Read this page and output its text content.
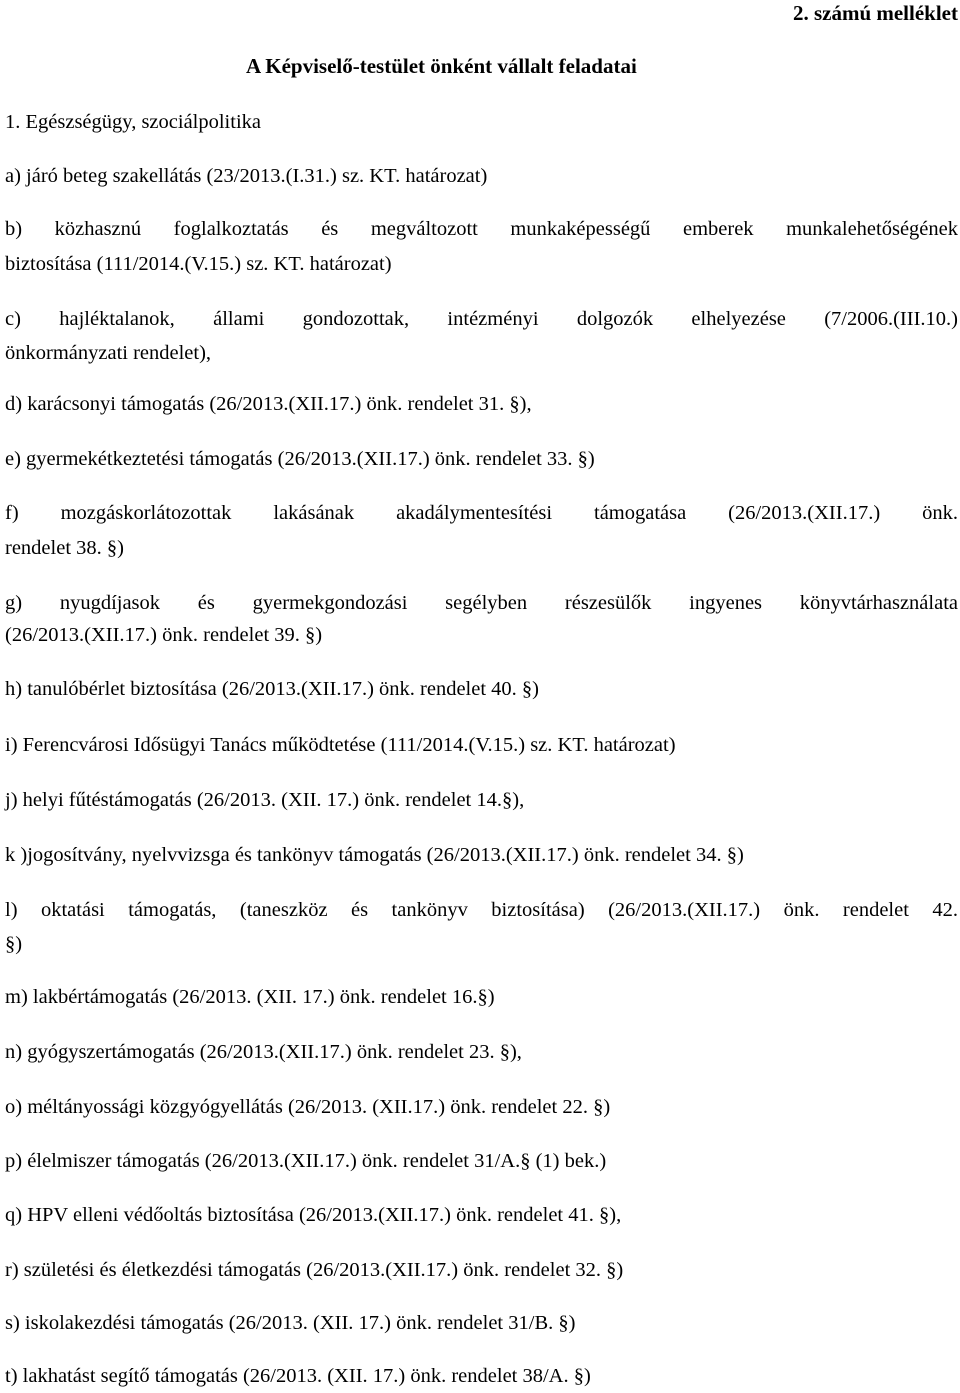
2. számú melléklet
A Képviselő-testület önként vállalt feladatai
1. Egészségügy, szociálpolitika
a) járó beteg szakellátás (23/2013.(I.31.) sz. KT. határozat)
b) közhasznú foglalkoztatás és megváltozott munkaképességű emberek munkalehetőségének
biztosítása (111/2014.(V.15.) sz. KT. határozat)
c) hajléktalanok, állami gondozottak, intézményi dolgozók elhelyezése (7/2006.(III.10.)
önkormányzati rendelet),
d) karácsonyi támogatás (26/2013.(XII.17.) önk. rendelet 31. §),
e) gyermekétkeztetési támogatás (26/2013.(XII.17.) önk. rendelet 33. §)
f) mozgáskorlátozottak lakásának akadálymentesítési támogatása (26/2013.(XII.17.) önk.
rendelet 38. §)
g) nyugdíjasok és gyermekgondozási segélyben részesülők ingyenes könyvtárhasználata
(26/2013.(XII.17.) önk. rendelet 39. §)
h) tanulóbérlet biztosítása (26/2013.(XII.17.) önk. rendelet 40. §)
i) Ferencvárosi Idősügyi Tanács működtetése (111/2014.(V.15.) sz. KT. határozat)
j) helyi fűtéstámogatás (26/2013. (XII. 17.) önk. rendelet 14.§),
k )jogosítvány, nyelvvizsga és tankönyv támogatás (26/2013.(XII.17.) önk. rendelet 34. §)
l) oktatási támogatás, (taneszköz és tankönyv biztosítása) (26/2013.(XII.17.) önk. rendelet 42.
§)
m) lakbértámogatás (26/2013. (XII. 17.) önk. rendelet 16.§)
n) gyógyszertámogatás (26/2013.(XII.17.) önk. rendelet 23. §),
o) méltányossági közgyógyellátás (26/2013. (XII.17.) önk. rendelet 22. §)
p) élelmiszer támogatás (26/2013.(XII.17.) önk. rendelet 31/A.§ (1) bek.)
q) HPV elleni védőoltás biztosítása (26/2013.(XII.17.) önk. rendelet 41. §),
r) születési és életkezdési támogatás (26/2013.(XII.17.) önk. rendelet 32. §)
s) iskolakezdési támogatás (26/2013. (XII. 17.) önk. rendelet 31/B. §)
t) lakhatást segítő támogatás (26/2013. (XII. 17.) önk. rendelet 38/A. §)
